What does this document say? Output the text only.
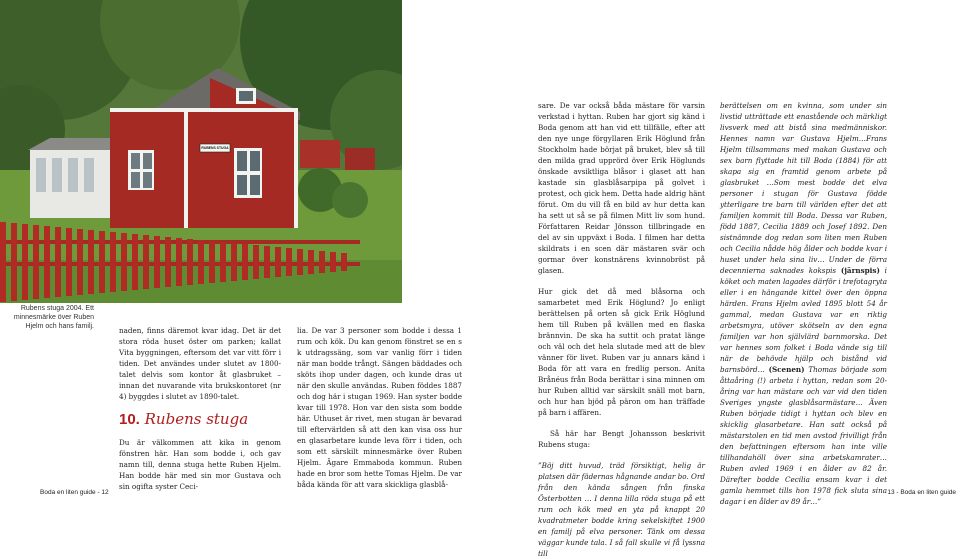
RUBENS STUGA
Rubens stuga 2004. Ett minnesmärke över Ruben Hjelm och hans familj.	naden, finns däremot kvar idag. Det är det stora röda huset öster om parken; kallat Vita byggningen, eftersom det var vitt förr i tiden. Det användes under slutet av 1800-talet delvis som kontor åt glasbruket – innan det nuvarande vita brukskontoret (nr 4) byggdes i slutet av 1890-talet.

10. Rubens stuga

Du är välkommen att kika in genom fönstren här. Han som bodde i, och gav namn till, denna stuga hette Ruben Hjelm. Han bodde här med sin mor Gustava och sin ogifta syster Ceci-

lia. De var 3 personer som bodde i dessa 1 rum och kök. Du kan genom fönstret se en s k utdragssäng, som var vanlig förr i tiden när man bodde trångt. Sängen bäddades och sköts ihop under dagen, och kunde dras ut när den skulle användas. Ruben föddes 1887 och dog här i stugan 1969. Han syster bodde kvar till 1978. Hon var den sista som bodde här. Uthuset är rivet, men stugan är bevarad till eftervärlden så att den kan visa oss hur en glasarbetare kunde leva förr i tiden, och som ett särskilt minnesmärke över Ruben Hjelm. Ägare Emmaboda kommun. Ruben hade en bror som hette Tomas Hjelm. De var båda kända för att vara skickliga glasblå-

sare. De var också båda mästare för varsin verkstad i hyttan. Ruben har gjort sig känd i Boda genom att han vid ett tillfälle, efter att den nye unge förgyllaren Erik Höglund från Stockholm hade börjat på bruket, blev så till den milda grad upprörd över Erik Höglunds önskade avsiktliga blåsor i glaset att han kastade sin glasblåsarpipa på golvet i protest, och gick hem. Detta hade aldrig hänt förut. Om du vill få en bild av hur detta kan ha sett ut så se på filmen Mitt liv som hund. Författaren Reidar Jönsson tillbringade en del av sin uppväxt i Boda. I filmen har detta skildrats i en scen där mästaren svär och gormar över konstnärens kvinnobröst på glasen.

Hur gick det då med blåsorna och samarbetet med Erik Höglund? Jo enligt berättelsen på orten så gick Erik Höglund hem till Ruben på kvällen med en flaska brännvin. De ska ha suttit och pratat länge och väl och det hela slutade med att de blev vänner för livet. Ruben var ju annars känd i Boda för att vara en fredlig person. Anita Brånéus från Boda berättar i sina minnen om hur Ruben alltid var särskilt snäll mot barn, och hur han bjöd på päron om han träffade på barn i affären.

Så här har Bengt Johansson beskrivit Rubens stuga:

”Böj ditt huvud, träd försiktigt, helig är platsen där fädernas hågnande andar bo. Ord från den kända sången från finska Österbotten … I denna lilla röda stuga på ett rum och kök med en yta på knappt 20 kvadratmeter bodde kring sekelskiftet 1900 en familj på elva personer. Tänk om dessa väggar kunde tala. I så fall skulle vi få lyssna till

berättelsen om en kvinna, som under sin livstid utträttade ett enastående och märkligt livsverk med att bistå sina medmänniskor. Hennes namn var Gustava Hjelm…Frans Hjelm tillsammans med makan Gustava och sex barn flyttade hit till Boda (1884) för att skapa sig en framtid genom arbete på glasbruket …Som mest bodde det elva personer i stugan för Gustava födde ytterligare tre barn till världen efter det att familjen kommit till Boda. Dessa var Ruben, född 1887, Cecilia 1889 och Josef 1892. Den sistnämnde dog redan som liten men Ruben och Cecilia nådde hög ålder och bodde kvar i huset under hela sina liv… Under de förra decennierna saknades kokspis (järnspis) i köket och maten lagades därför i trefotagryta eller i en hängande kittel över den öppna härden. Frans Hjelm avled 1895 blott 54 år gammal, medan Gustava var en riktig arbetsmyra, utöver skötseln av den egna familjen var hon självlärd barnmorska. Det var hennes som folket i Boda vände sig till när de behövde hjälp och bistånd vid barnsbörd… (Scenen) Thomas började som åttaåring (!) arbeta i hyttan, redan som 20-åring var han mästare och var vid den tiden Sveriges yngste glasblåsarmästare… Även Ruben började tidigt i hyttan och blev en skicklig glasarbetare. Han satt också på mästarstolen en tid men avstod frivilligt från den befattningen eftersom han inte ville tillhandahöll över sina arbetskamrater…Ruben avled 1969 i en ålder av 82 år. Därefter bodde Cecilia ensam kvar i det gamla hemmet tills hon 1978 fick sluta sina dagar i en ålder av 89 år…”

Boda en liten guide - 12	13 - Boda en liten guide
